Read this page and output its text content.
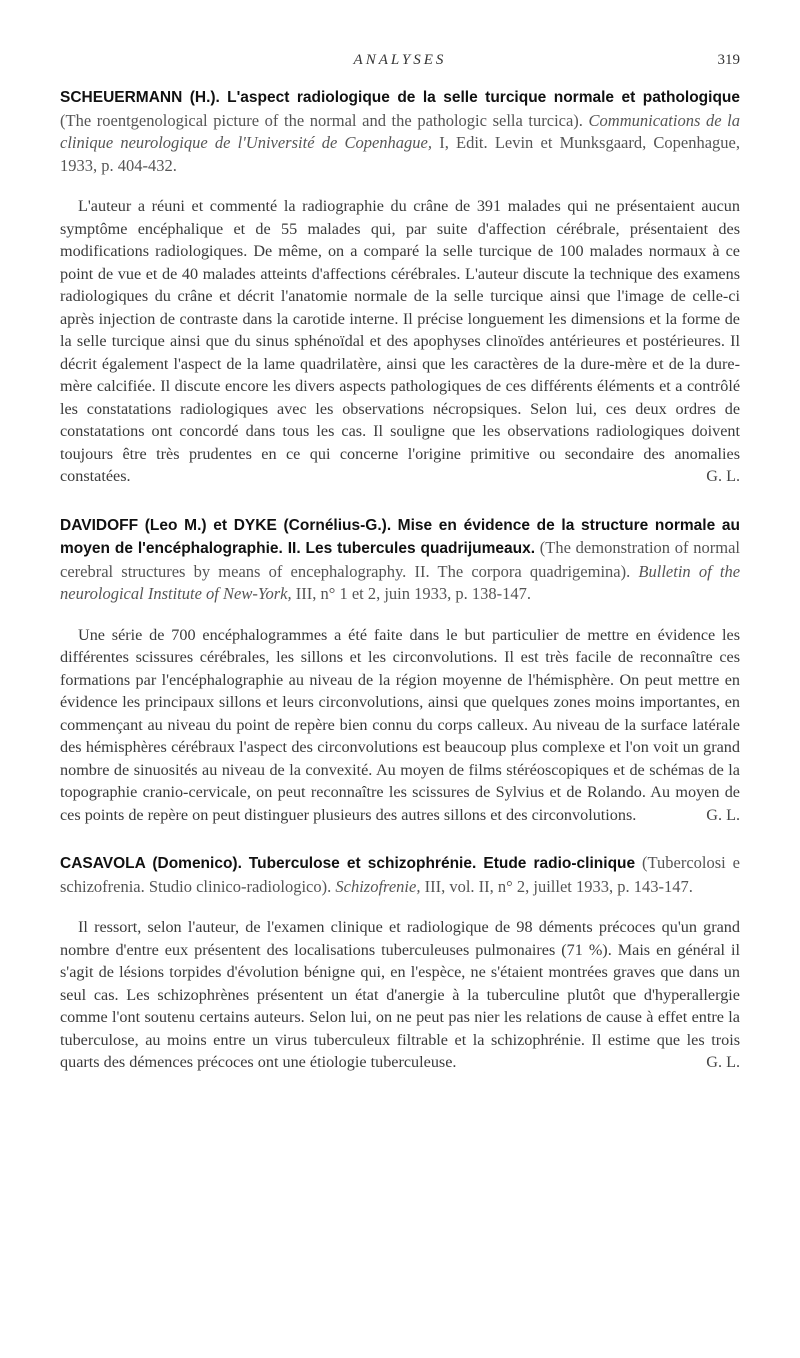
ANALYSES	319

SCHEUERMANN (H.). L'aspect radiologique de la selle turcique normale et pathologique (The roentgenological picture of the normal and the pathologic sella turcica). Communications de la clinique neurologique de l'Université de Copenhague, I, Edit. Levin et Munksgaard, Copenhague, 1933, p. 404-432.

L'auteur a réuni et commenté la radiographie du crâne de 391 malades qui ne présentaient aucun symptôme encéphalique et de 55 malades qui, par suite d'affection cérébrale, présentaient des modifications radiologiques. De même, on a comparé la selle turcique de 100 malades normaux à ce point de vue et de 40 malades atteints d'affections cérébrales. L'auteur discute la technique des examens radiologiques du crâne et décrit l'anatomie normale de la selle turcique ainsi que l'image de celle-ci après injection de contraste dans la carotide interne. Il précise longuement les dimensions et la forme de la selle turcique ainsi que du sinus sphénoïdal et des apophyses clinoïdes antérieures et postérieures. Il décrit également l'aspect de la lame quadrilatère, ainsi que les caractères de la dure-mère et de la dure-mère calcifiée. Il discute encore les divers aspects pathologiques de ces différents éléments et a contrôlé les constatations radiologiques avec les observations nécropsiques. Selon lui, ces deux ordres de constatations ont concordé dans tous les cas. Il souligne que les observations radiologiques doivent toujours être très prudentes en ce qui concerne l'origine primitive ou secondaire des anomalies constatées.	G. L.

DAVIDOFF (Leo M.) et DYKE (Cornélius-G.). Mise en évidence de la structure normale au moyen de l'encéphalographie. II. Les tubercules quadrijumeaux. (The demonstration of normal cerebral structures by means of encephalography. II. The corpora quadrigemina). Bulletin of the neurological Institute of New-York, III, n° 1 et 2, juin 1933, p. 138-147.

Une série de 700 encéphalogrammes a été faite dans le but particulier de mettre en évidence les différentes scissures cérébrales, les sillons et les circonvolutions. Il est très facile de reconnaître ces formations par l'encéphalographie au niveau de la région moyenne de l'hémisphère. On peut mettre en évidence les principaux sillons et leurs circonvolutions, ainsi que quelques zones moins importantes, en commençant au niveau du point de repère bien connu du corps calleux. Au niveau de la surface latérale des hémisphères cérébraux l'aspect des circonvolutions est beaucoup plus complexe et l'on voit un grand nombre de sinuosités au niveau de la convexité. Au moyen de films stéréoscopiques et de schémas de la topographie cranio-cervicale, on peut reconnaître les scissures de Sylvius et de Rolando. Au moyen de ces points de repère on peut distinguer plusieurs des autres sillons et des circonvolutions.	G. L.

CASAVOLA (Domenico). Tuberculose et schizophrénie. Etude radio-clinique (Tubercolosi e schizofrenia. Studio clinico-radiologico). Schizofrenie, III, vol. II, n° 2, juillet 1933, p. 143-147.

Il ressort, selon l'auteur, de l'examen clinique et radiologique de 98 déments précoces qu'un grand nombre d'entre eux présentent des localisations tuberculeuses pulmonaires (71 %). Mais en général il s'agit de lésions torpides d'évolution bénigne qui, en l'espèce, ne s'étaient montrées graves que dans un seul cas. Les schizophrènes présentent un état d'anergie à la tuberculine plutôt que d'hyperallergie comme l'ont soutenu certains auteurs. Selon lui, on ne peut pas nier les relations de cause à effet entre la tuberculose, au moins entre un virus tuberculeux filtrable et la schizophrénie. Il estime que les trois quarts des démences précoces ont une étiologie tuberculeuse.	G. L.
